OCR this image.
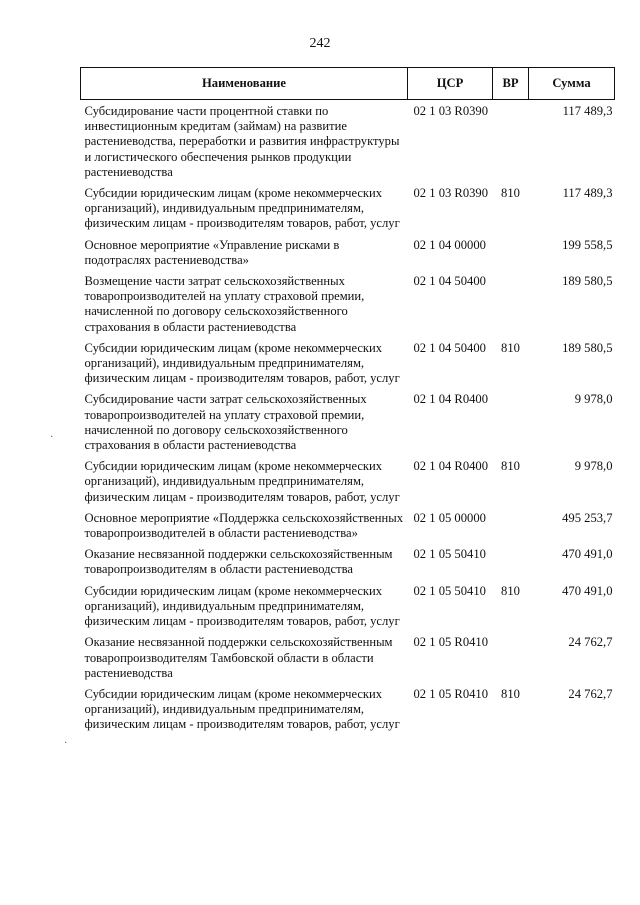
242
·
·
Наименование	ЦСР	ВР	Сумма
Субсидирование части процентной ставки по инвестиционным кредитам (займам) на развитие растениеводства, переработки и развития инфраструктуры и логистического обеспечения рынков продукции растениеводства	02 1 03 R0390		117 489,3
Субсидии юридическим лицам (кроме некоммерческих организаций), индивидуальным предпринимателям, физическим лицам - производителям товаров, работ, услуг	02 1 03 R0390	810	117 489,3
Основное мероприятие «Управление рисками в подотраслях растениеводства»	02 1 04 00000		199 558,5
Возмещение части затрат сельскохозяйственных товаропроизводителей на уплату страховой премии, начисленной по договору сельскохозяйственного страхования в области растениеводства	02 1 04 50400		189 580,5
Субсидии юридическим лицам (кроме некоммерческих организаций), индивидуальным предпринимателям, физическим лицам - производителям товаров, работ, услуг	02 1 04 50400	810	189 580,5
Субсидирование части затрат сельскохозяйственных товаропроизводителей на уплату страховой премии, начисленной по договору сельскохозяйственного страхования в области растениеводства	02 1 04 R0400		9 978,0
Субсидии юридическим лицам (кроме некоммерческих организаций), индивидуальным предпринимателям, физическим лицам - производителям товаров, работ, услуг	02 1 04 R0400	810	9 978,0
Основное мероприятие «Поддержка сельскохозяйственных товаропроизводителей в области растениеводства»	02 1 05 00000		495 253,7
Оказание несвязанной поддержки сельскохозяйственным товаропроизводителям в области растениеводства	02 1 05 50410		470 491,0
Субсидии юридическим лицам (кроме некоммерческих организаций), индивидуальным предпринимателям, физическим лицам - производителям товаров, работ, услуг	02 1 05 50410	810	470 491,0
Оказание несвязанной поддержки сельскохозяйственным товаропроизводителям Тамбовской области в области растениеводства	02 1 05 R0410		24 762,7
Субсидии юридическим лицам (кроме некоммерческих организаций), индивидуальным предпринимателям, физическим лицам - производителям товаров, работ, услуг	02 1 05 R0410	810	24 762,7
